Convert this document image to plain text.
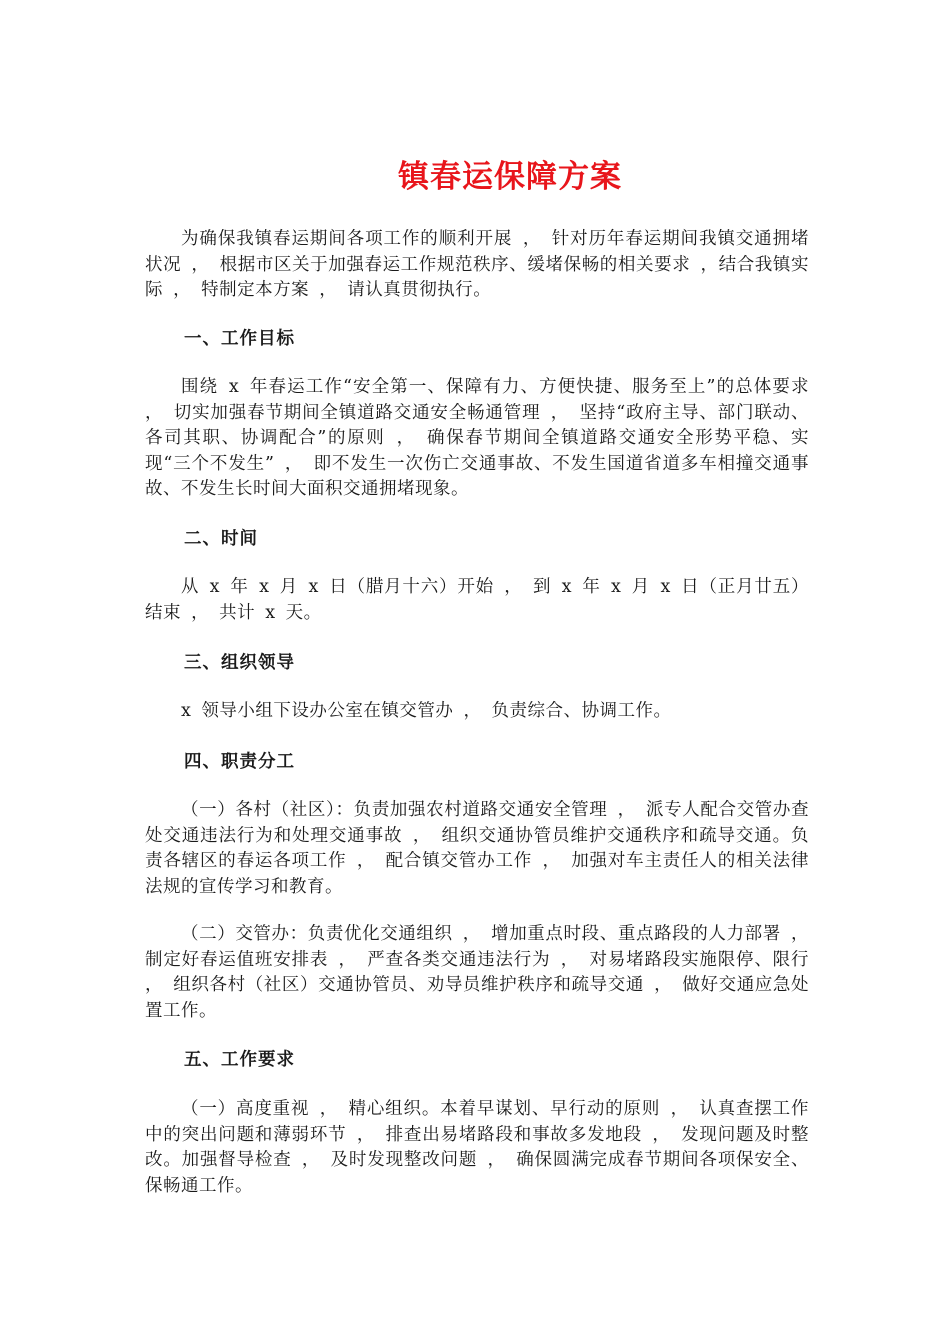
镇春运保障方案

为确保我镇春运期间各项工作的顺利开展 ， 针对历年春运期间我镇交通拥堵状况 ， 根据市区关于加强春运工作规范秩序、缓堵保畅的相关要求 ，结合我镇实际 ， 特制定本方案 ， 请认真贯彻执行。

一、工作目标

围绕 x 年春运工作“安全第一、保障有力、方便快捷、服务至上”的总体要求 ， 切实加强春节期间全镇道路交通安全畅通管理 ， 坚持“政府主导、部门联动、各司其职、协调配合”的原则 ， 确保春节期间全镇道路交通安全形势平稳、实现“三个不发生” ， 即不发生一次伤亡交通事故、不发生国道省道多车相撞交通事故、不发生长时间大面积交通拥堵现象。

二、时间

从 x 年 x 月 x 日（腊月十六）开始 ， 到 x 年 x 月 x 日（正月廿五）结束 ， 共计 x 天。

三、组织领导

x 领导小组下设办公室在镇交管办 ， 负责综合、协调工作。

四、职责分工

（一）各村（社区）：负责加强农村道路交通安全管理 ， 派专人配合交管办查处交通违法行为和处理交通事故 ， 组织交通协管员维护交通秩序和疏导交通。负责各辖区的春运各项工作 ， 配合镇交管办工作 ， 加强对车主责任人的相关法律法规的宣传学习和教育。

（二）交管办：负责优化交通组织 ， 增加重点时段、重点路段的人力部署 ， 制定好春运值班安排表 ， 严查各类交通违法行为 ， 对易堵路段实施限停、限行 ， 组织各村（社区）交通协管员、劝导员维护秩序和疏导交通 ， 做好交通应急处置工作。

五、工作要求

（一）高度重视 ， 精心组织。本着早谋划、早行动的原则 ， 认真查摆工作中的突出问题和薄弱环节 ， 排查出易堵路段和事故多发地段 ， 发现问题及时整改。加强督导检查 ， 及时发现整改问题 ， 确保圆满完成春节期间各项保安全、保畅通工作。
